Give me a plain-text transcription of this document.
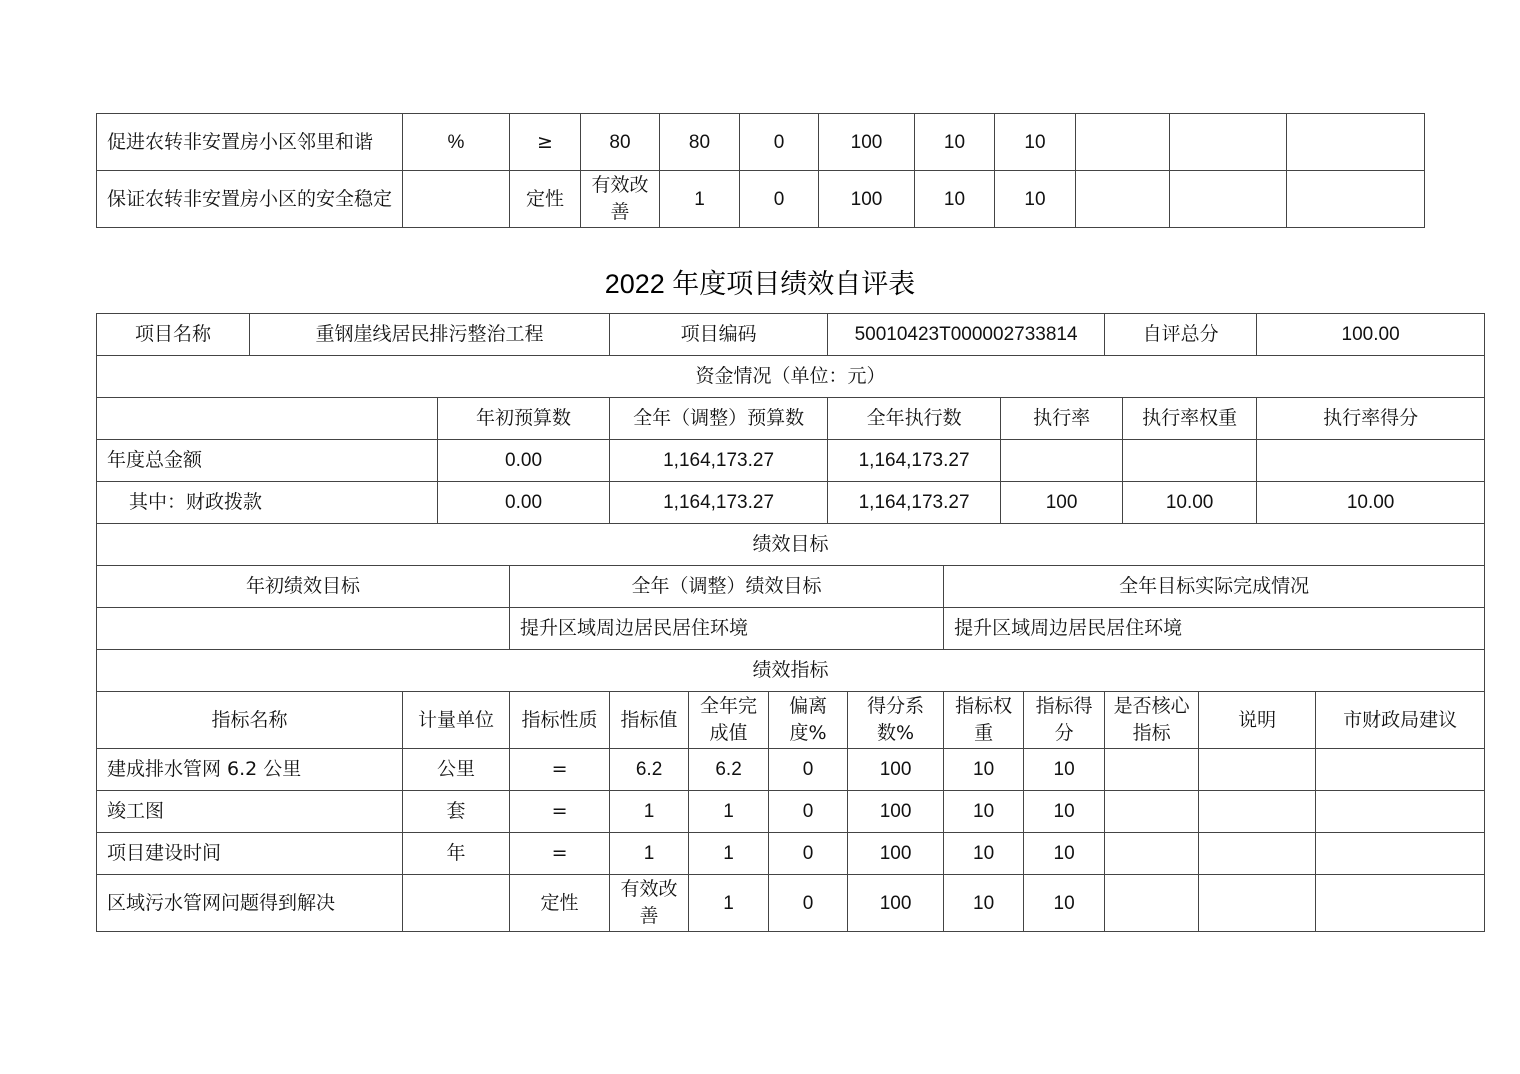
促进农转非安置房小区邻里和谐	%	≥	80	80	0	100	10	10			
保证农转非安置房小区的安全稳定		定性	有效改善	1	0	100	10	10			
2022 年度项目绩效自评表
项目名称	重钢崖线居民排污整治工程				项目编码			50010423T000002733814					自评总分			100.00	
资金情况（单位：元）																	
			年初预算数		全年（调整）预算数			全年执行数			执行率			执行率权重		执行率得分	
年度总金额			0.00		1,164,173.27			1,164,173.27									
其中：财政拨款			0.00		1,164,173.27			1,164,173.27			100			10.00		10.00	
绩效目标																	
年初绩效目标				全年（调整）绩效目标						全年目标实际完成情况							
				提升区域周边居民居住环境						提升区域周边居民居住环境							
绩效指标																	
指标名称		计量单位		指标性质	指标值	全年完成值	偏离度%		得分系数%	指标权重		指标得分	是否核心指标		说明		市财政局建议
建成排水管网 6.2 公里		公里		=	6.2	6.2	0		100	10		10					
竣工图		套		=	1	1	0		100	10		10					
项目建设时间		年		=	1	1	0		100	10		10					
区域污水管网问题得到解决				定性	有效改善	1	0		100	10		10					
